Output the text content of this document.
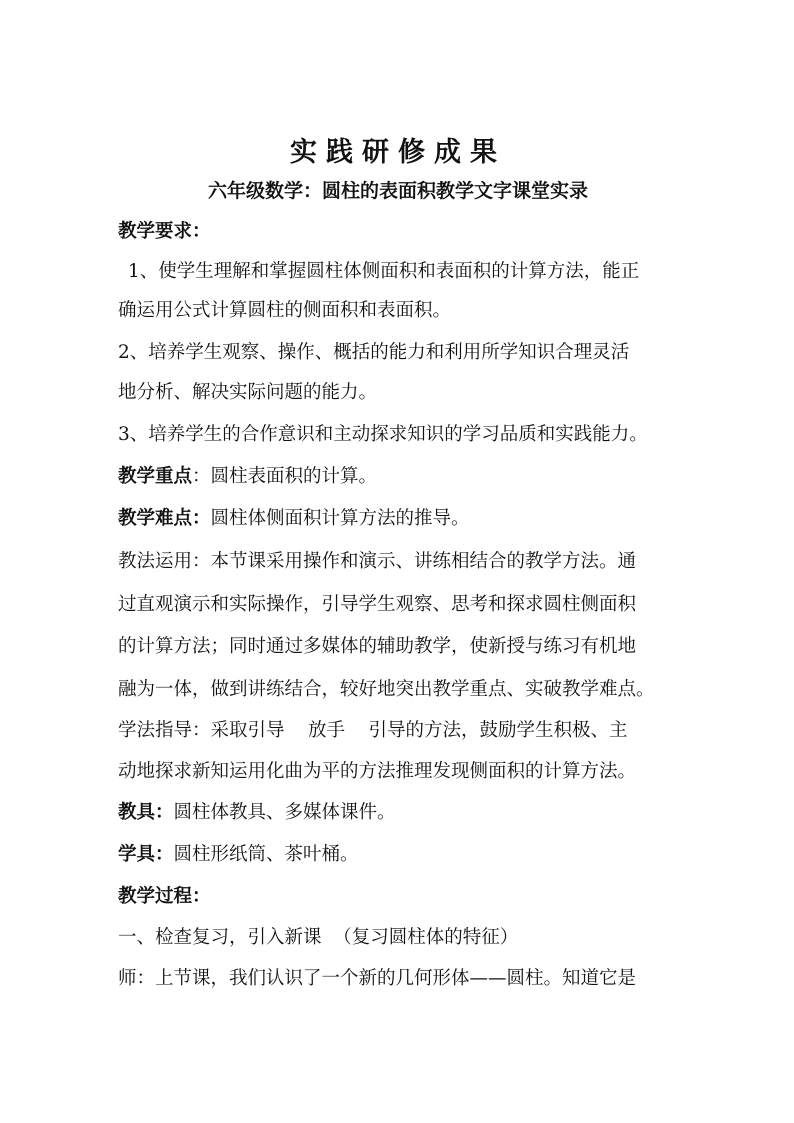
实践研修成果
六年级数学：圆柱的表面积教学文字课堂实录
教学要求：
1、使学生理解和掌握圆柱体侧面积和表面积的计算方法，能正
确运用公式计算圆柱的侧面积和表面积。
2、培养学生观察、操作、概括的能力和利用所学知识合理灵活
地分析、解决实际问题的能力。
3、培养学生的合作意识和主动探求知识的学习品质和实践能力。
教学重点：圆柱表面积的计算。
教学难点：圆柱体侧面积计算方法的推导。
教法运用：本节课采用操作和演示、讲练相结合的教学方法。通
过直观演示和实际操作，引导学生观察、思考和探求圆柱侧面积
的计算方法；同时通过多媒体的辅助教学，使新授与练习有机地
融为一体，做到讲练结合，较好地突出教学重点、实破教学难点。
学法指导：采取引导    放手    引导的方法，鼓励学生积极、主
动地探求新知运用化曲为平的方法推理发现侧面积的计算方法。
教具：圆柱体教具、多媒体课件。
学具：圆柱形纸筒、茶叶桶。
教学过程：
一、检查复习，引入新课  （复习圆柱体的特征）
师：上节课，我们认识了一个新的几何形体——圆柱。知道它是
